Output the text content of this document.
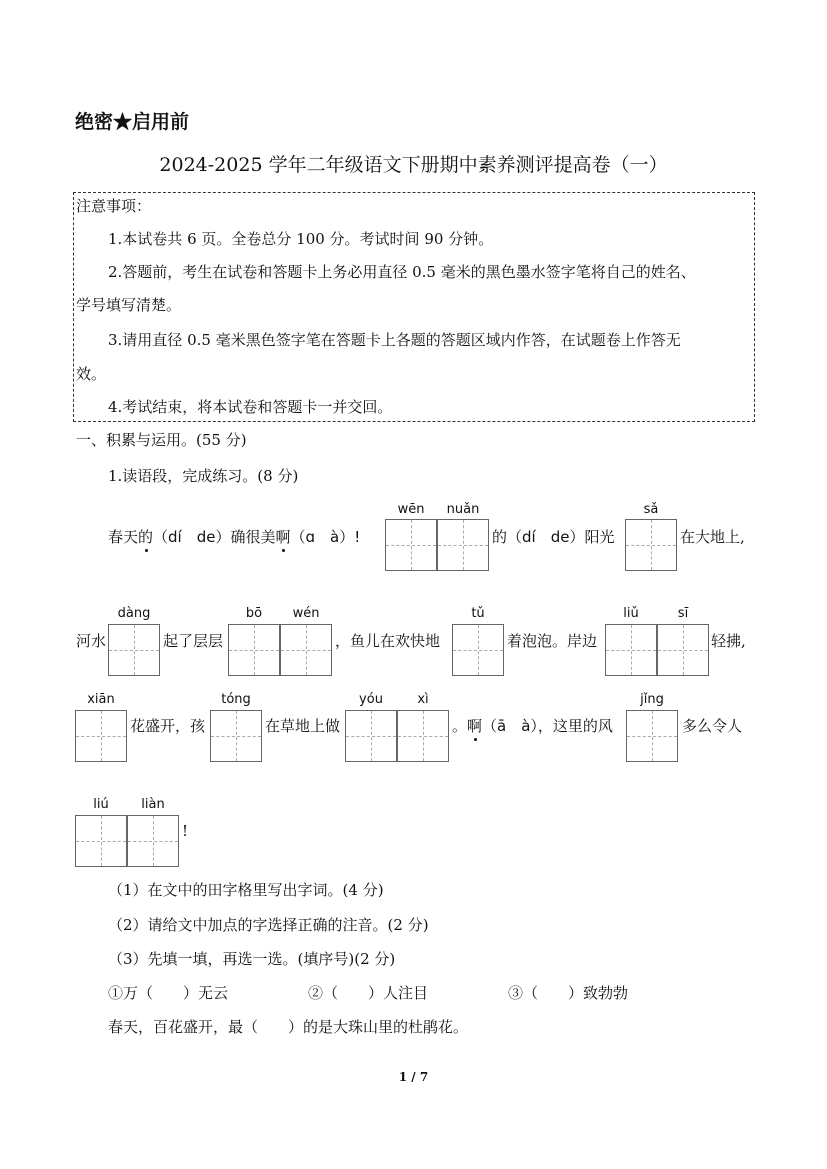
绝密★启用前
2024-2025 学年二年级语文下册期中素养测评提高卷（一）
注意事项：
1.本试卷共 6 页。全卷总分 100 分。考试时间 90 分钟。
2.答题前，考生在试卷和答题卡上务必用直径 0.5 毫米的黑色墨水签字笔将自己的姓名、
学号填写清楚。
3.请用直径 0.5 毫米黑色签字笔在答题卡上各题的答题区域内作答，在试题卷上作答无
效。
4.考试结束，将本试卷和答题卡一并交回。
一、积累与运用。(55 分)
1.读语段，完成练习。(8 分)
春天的（dí　de）确很美啊（ɑ　à）!
wēn	nuǎn
的（dí　de）阳光
sǎ
在大地上,
河水
dàng
起了层层
bō	wén
，鱼儿在欢快地
tǔ
着泡泡。岸边
liǔ	sī
轻拂,
xiān
花盛开，孩
tóng
在草地上做
yóu	xì
。啊（ā　à），这里的风
jǐng
多么令人
liú	liàn
!
（1）在文中的田字格里写出字词。(4 分)
（2）请给文中加点的字选择正确的注音。(2 分)
（3）先填一填，再选一选。(填序号)(2 分)
①万（　　）无云	②（　　）人注目	③（　　）致勃勃
春天，百花盛开，最（　　）的是大珠山里的杜鹃花。
1 / 7
